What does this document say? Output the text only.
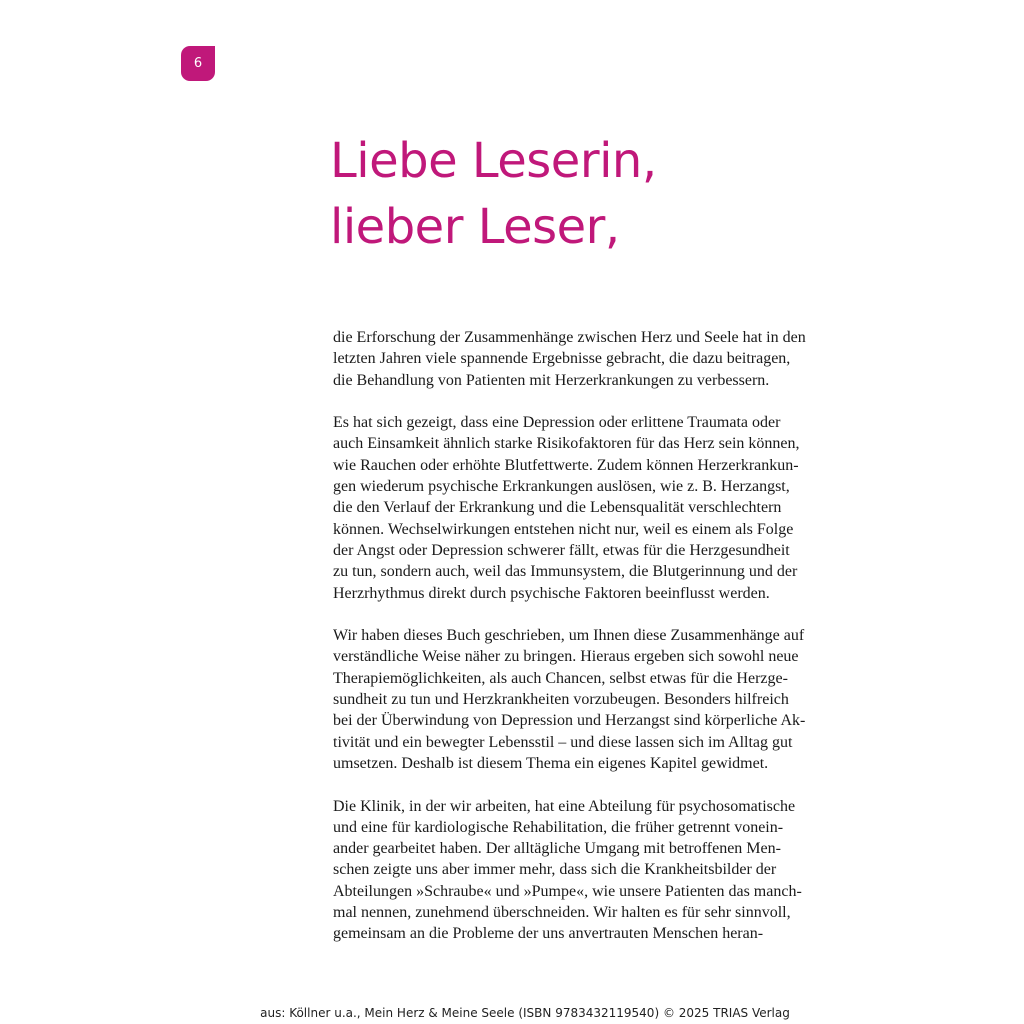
6
Liebe Leserin,
lieber Leser,

die Erforschung der Zusammenhänge zwischen Herz und Seele hat in den
letzten Jahren viele spannende Ergebnisse gebracht, die dazu beitragen,
die Behandlung von Patienten mit Herzerkrankungen zu verbessern.

Es hat sich gezeigt, dass eine Depression oder erlittene Traumata oder
auch Einsamkeit ähnlich starke Risikofaktoren für das Herz sein können,
wie Rauchen oder erhöhte Blutfettwerte. Zudem können Herzerkrankun-
gen wiederum psychische Erkrankungen auslösen, wie z. B. Herzangst,
die den Verlauf der Erkrankung und die Lebensqualität verschlechtern
können. Wechselwirkungen entstehen nicht nur, weil es einem als Folge
der Angst oder Depression schwerer fällt, etwas für die Herzgesundheit
zu tun, sondern auch, weil das Immunsystem, die Blutgerinnung und der
Herzrhythmus direkt durch psychische Faktoren beeinflusst werden.

Wir haben dieses Buch geschrieben, um Ihnen diese Zusammenhänge auf
verständliche Weise näher zu bringen. Hieraus ergeben sich sowohl neue
Therapiemöglichkeiten, als auch Chancen, selbst etwas für die Herzge-
sundheit zu tun und Herzkrankheiten vorzubeugen. Besonders hilfreich
bei der Überwindung von Depression und Herzangst sind körperliche Ak-
tivität und ein bewegter Lebensstil – und diese lassen sich im Alltag gut
umsetzen. Deshalb ist diesem Thema ein eigenes Kapitel gewidmet.

Die Klinik, in der wir arbeiten, hat eine Abteilung für psychosomatische
und eine für kardiologische Rehabilitation, die früher getrennt vonein-
ander gearbeitet haben. Der alltägliche Umgang mit betroffenen Men-
schen zeigte uns aber immer mehr, dass sich die Krankheitsbilder der
Abteilungen »Schraube« und »Pumpe«, wie unsere Patienten das manch-
mal nennen, zunehmend überschneiden. Wir halten es für sehr sinnvoll,
gemeinsam an die Probleme der uns anvertrauten Menschen heran-

aus: Köllner u.a., Mein Herz & Meine Seele (ISBN 9783432119540) © 2025 TRIAS Verlag
